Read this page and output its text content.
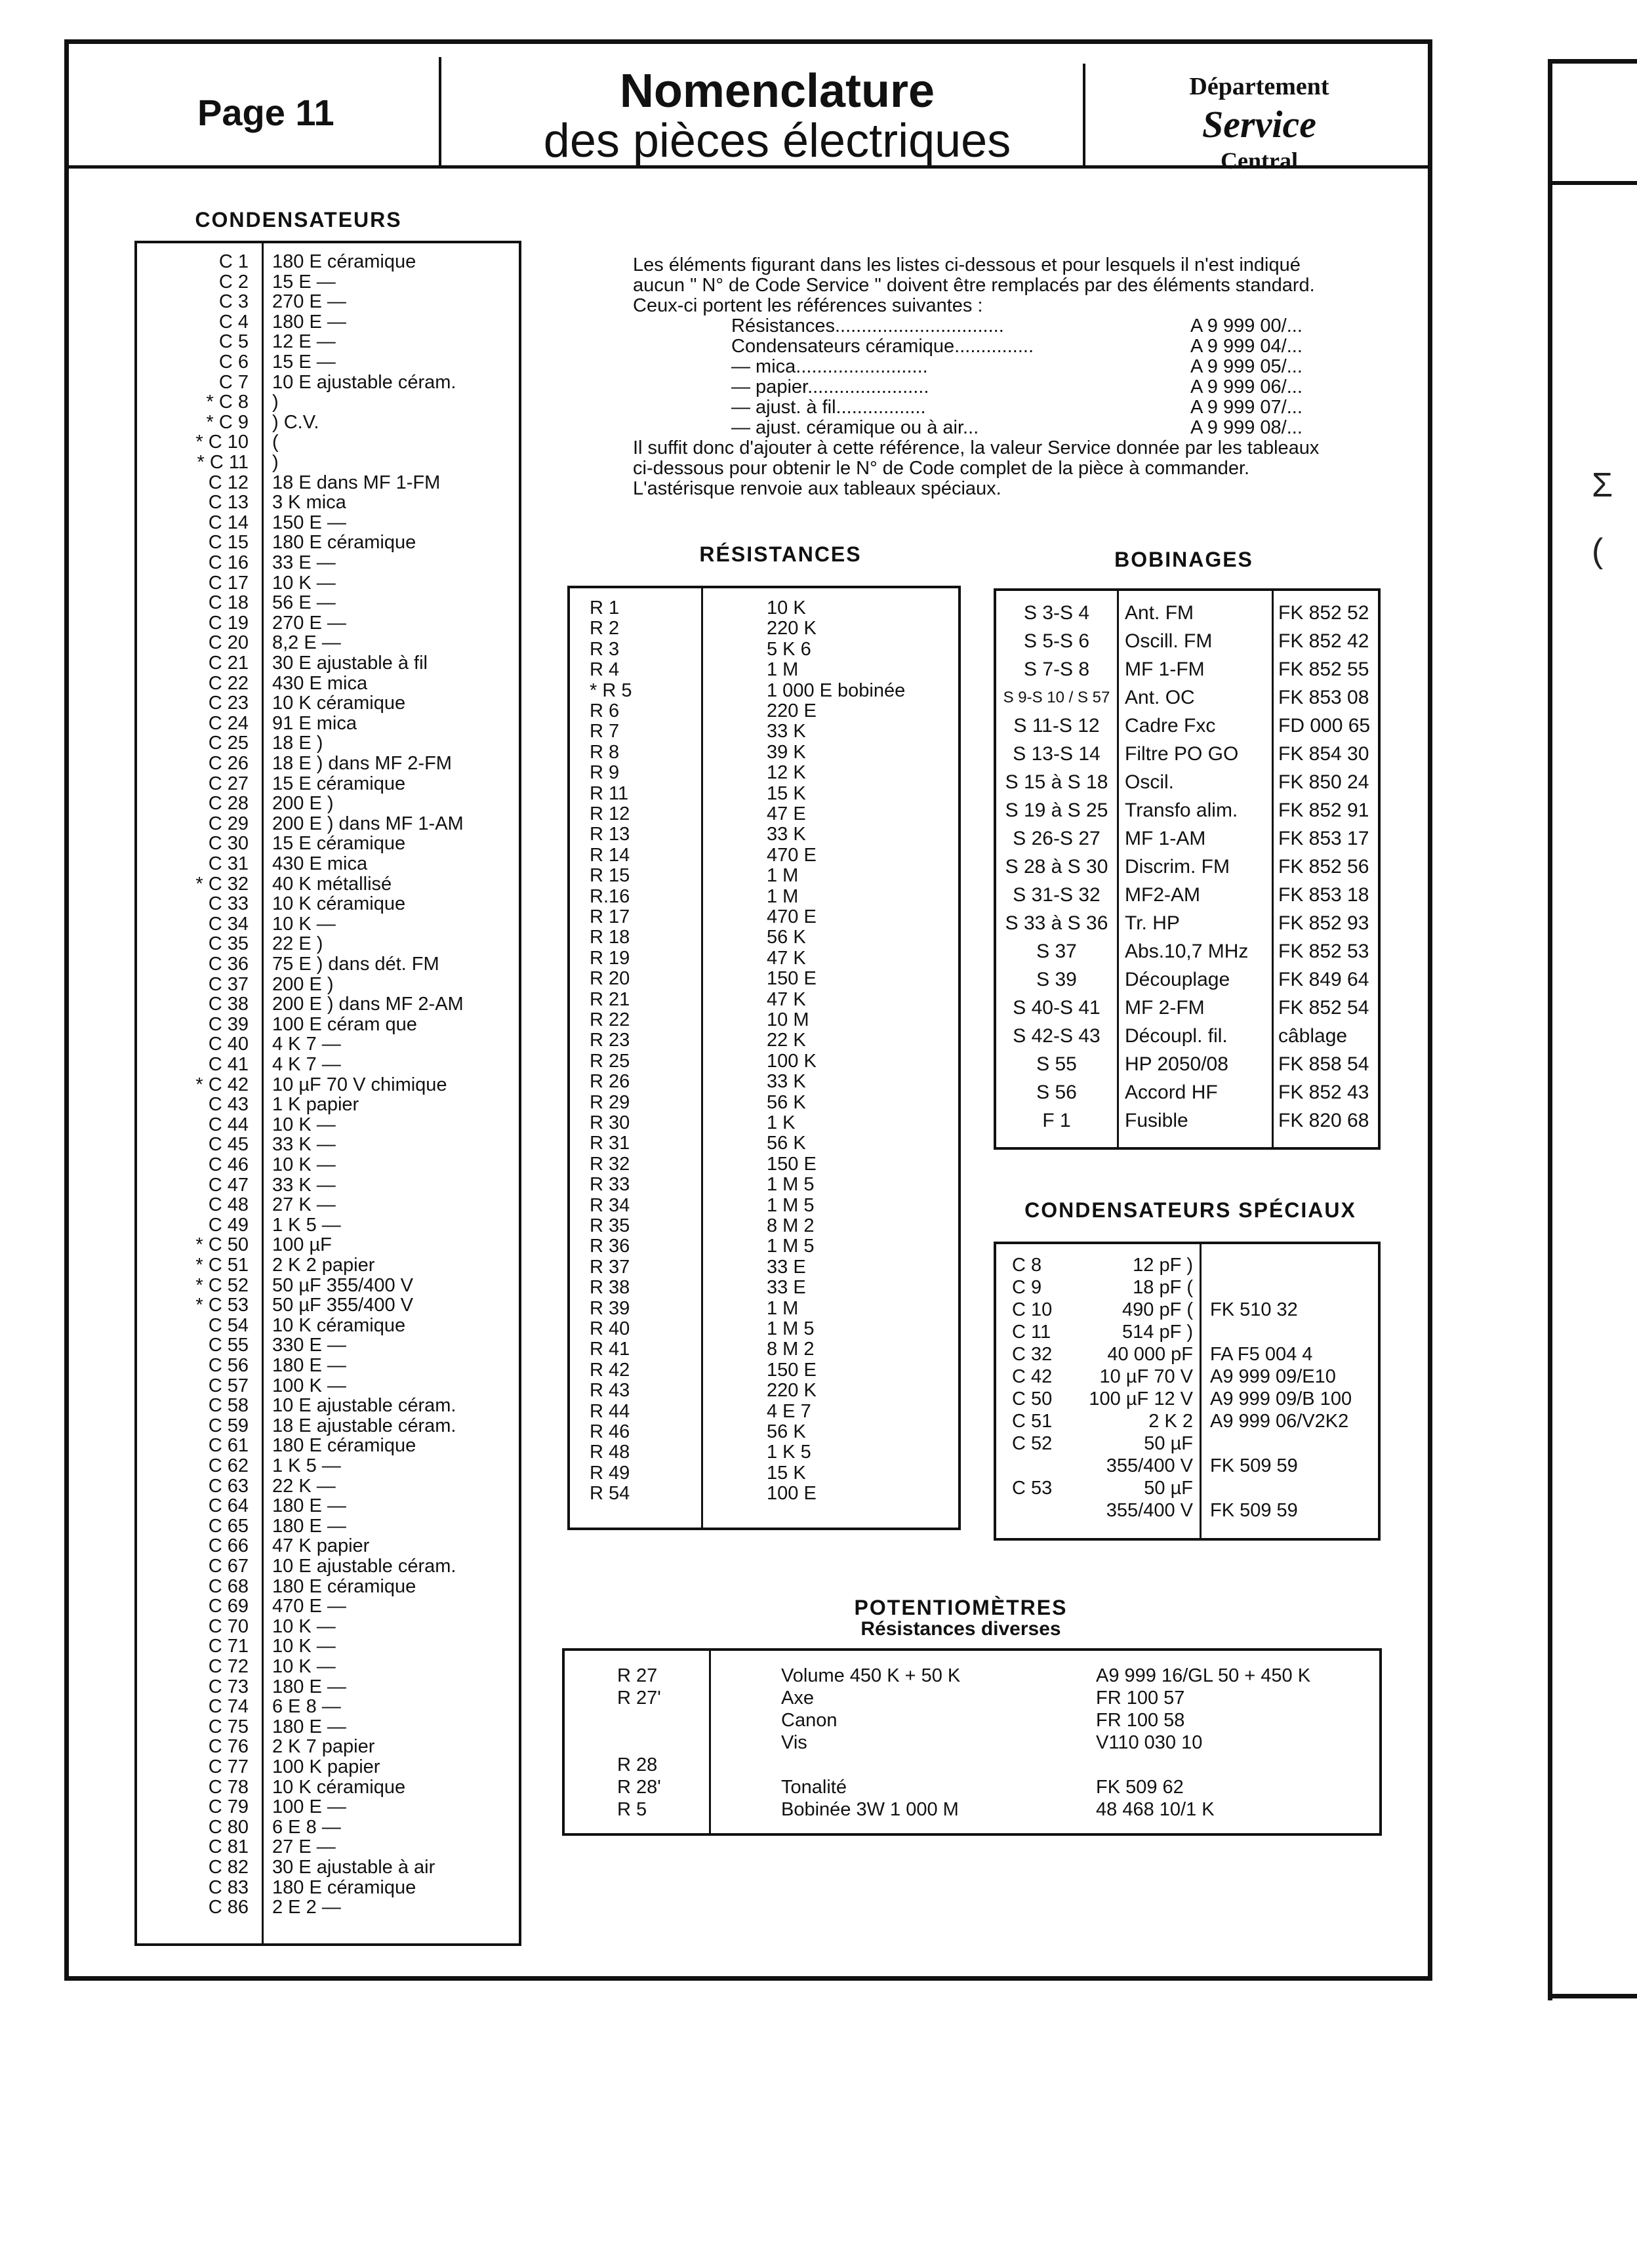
Σ
(
Page 11	Nomenclature
des pièces électriques
Département
Service
Central
CONDENSATEURS
C 1 180 E céramique
C 2 15 E —
C 3 270 E —
C 4 180 E —
C 5 12 E —
C 6 15 E —
C 7 10 E ajustable céram.
* C 8 )
* C 9 ) C.V.
* C 10 (
* C 11 )
C 12 18 E dans MF 1-FM
C 13 3 K mica
C 14 150 E —
C 15 180 E céramique
C 16 33 E —
C 17 10 K —
C 18 56 E —
C 19 270 E —
C 20 8,2 E —
C 21 30 E ajustable à fil
C 22 430 E mica
C 23 10 K céramique
C 24 91 E mica
C 25 18 E )
C 26 18 E ) dans MF 2-FM
C 27 15 E céramique
C 28 200 E )
C 29 200 E ) dans MF 1-AM
C 30 15 E céramique
C 31 430 E mica
* C 32 40 K métallisé
C 33 10 K céramique
C 34 10 K —
C 35 22 E )
C 36 75 E ) dans dét. FM
C 37 200 E )
C 38 200 E ) dans MF 2-AM
C 39 100 E céram que
C 40 4 K 7 —
C 41 4 K 7 —
* C 42 10 µF 70 V chimique
C 43 1 K papier
C 44 10 K —
C 45 33 K —
C 46 10 K —
C 47 33 K —
C 48 27 K —
C 49 1 K 5 —
* C 50 100 µF
* C 51 2 K 2 papier
* C 52 50 µF 355/400 V
* C 53 50 µF 355/400 V
C 54 10 K céramique
C 55 330 E —
C 56 180 E —
C 57 100 K —
C 58 10 E ajustable céram.
C 59 18 E ajustable céram.
C 61 180 E céramique
C 62 1 K 5 —
C 63 22 K —
C 64 180 E —
C 65 180 E —
C 66 47 K papier
C 67 10 E ajustable céram.
C 68 180 E céramique
C 69 470 E —
C 70 10 K —
C 71 10 K —
C 72 10 K —
C 73 180 E —
C 74 6 E 8 —
C 75 180 E —
C 76 2 K 7 papier
C 77 100 K papier
C 78 10 K céramique
C 79 100 E —
C 80 6 E 8 —
C 81 27 E —
C 82 30 E ajustable à air
C 83 180 E céramique
C 86 2 E 2 —

Les éléments figurant dans les listes ci-dessous et pour lesquels il n'est indiqué

aucun " N° de Code Service " doivent être remplacés par des éléments standard.

Ceux-ci portent les références suivantes :

Résistances................................	A 9 999 00/...
Condensateurs céramique...............	A 9 999 04/...
— mica.........................	A 9 999 05/...
— papier.......................	A 9 999 06/...
— ajust. à fil.................	A 9 999 07/...
— ajust. céramique ou à air...	A 9 999 08/...

Il suffit donc d'ajouter à cette référence, la valeur Service donnée par les tableaux

ci-dessous pour obtenir le N° de Code complet de la pièce à commander.

L'astérisque renvoie aux tableaux spéciaux.

RÉSISTANCES
R 1	10 K
R 2	220 K
R 3	5 K 6
R 4	1 M
* R 5	1 000 E bobinée
R 6	220 E
R 7	33 K
R 8	39 K
R 9	12 K
R 11	15 K
R 12	47 E
R 13	33 K
R 14	470 E
R 15	1 M
R.16	1 M
R 17	470 E
R 18	56 K
R 19	47 K
R 20	150 E
R 21	47 K
R 22	10 M
R 23	22 K
R 25	100 K
R 26	33 K
R 29	56 K
R 30	1 K
R 31	56 K
R 32	150 E
R 33	1 M 5
R 34	1 M 5
R 35	8 M 2
R 36	1 M 5
R 37	33 E
R 38	33 E
R 39	1 M
R 40	1 M 5
R 41	8 M 2
R 42	150 E
R 43	220 K
R 44	4 E 7
R 46	56 K
R 48	1 K 5
R 49	15 K
R 54	100 E
BOBINAGES
S 3-S 4	Ant. FM	FK 852 52
S 5-S 6	Oscill. FM	FK 852 42
S 7-S 8	MF 1-FM	FK 852 55
S 9-S 10 / S 57 Ant. OC	FK 853 08
S 11-S 12	Cadre Fxc	FD 000 65
S 13-S 14	Filtre PO GO FK 854 30
S 15 à S 18 Oscil.	FK 850 24
S 19 à S 25 Transfo alim. FK 852 91
S 26-S 27	MF 1-AM	FK 853 17
S 28 à S 30 Discrim. FM FK 852 56
S 31-S 32	MF2-AM	FK 853 18
S 33 à S 36 Tr. HP	FK 852 93
S 37	Abs.10,7 MHz FK 852 53
S 39	Découplage FK 849 64
S 40-S 41	MF 2-FM	FK 852 54
S 42-S 43	Découpl. fil.	câblage
S 55	HP 2050/08	FK 858 54
S 56	Accord HF	FK 852 43
F 1	Fusible	FK 820 68
CONDENSATEURS SPÉCIAUX
C 8	12 pF )
C 9	18 pF (
C 10	490 pF ( FK 510 32
C 11	514 pF )
C 32	40 000 pF FA F5 004 4
C 42	10 µF 70 V A9 999 09/E10
C 50	100 µF 12 V A9 999 09/B 100
C 51	2 K 2 A9 999 06/V2K2
C 52	50 µF
355/400 V FK 509 59
C 53	50 µF
355/400 V FK 509 59
POTENTIOMÈTRES
Résistances diverses
R 27	Volume 450 K + 50 K	A9 999 16/GL 50 + 450 K
R 27'	Axe	FR 100 57
Canon	FR 100 58
Vis	V110 030 10
R 28
R 28'	Tonalité	FK 509 62
R 5	Bobinée 3W 1 000 M	48 468 10/1 K
